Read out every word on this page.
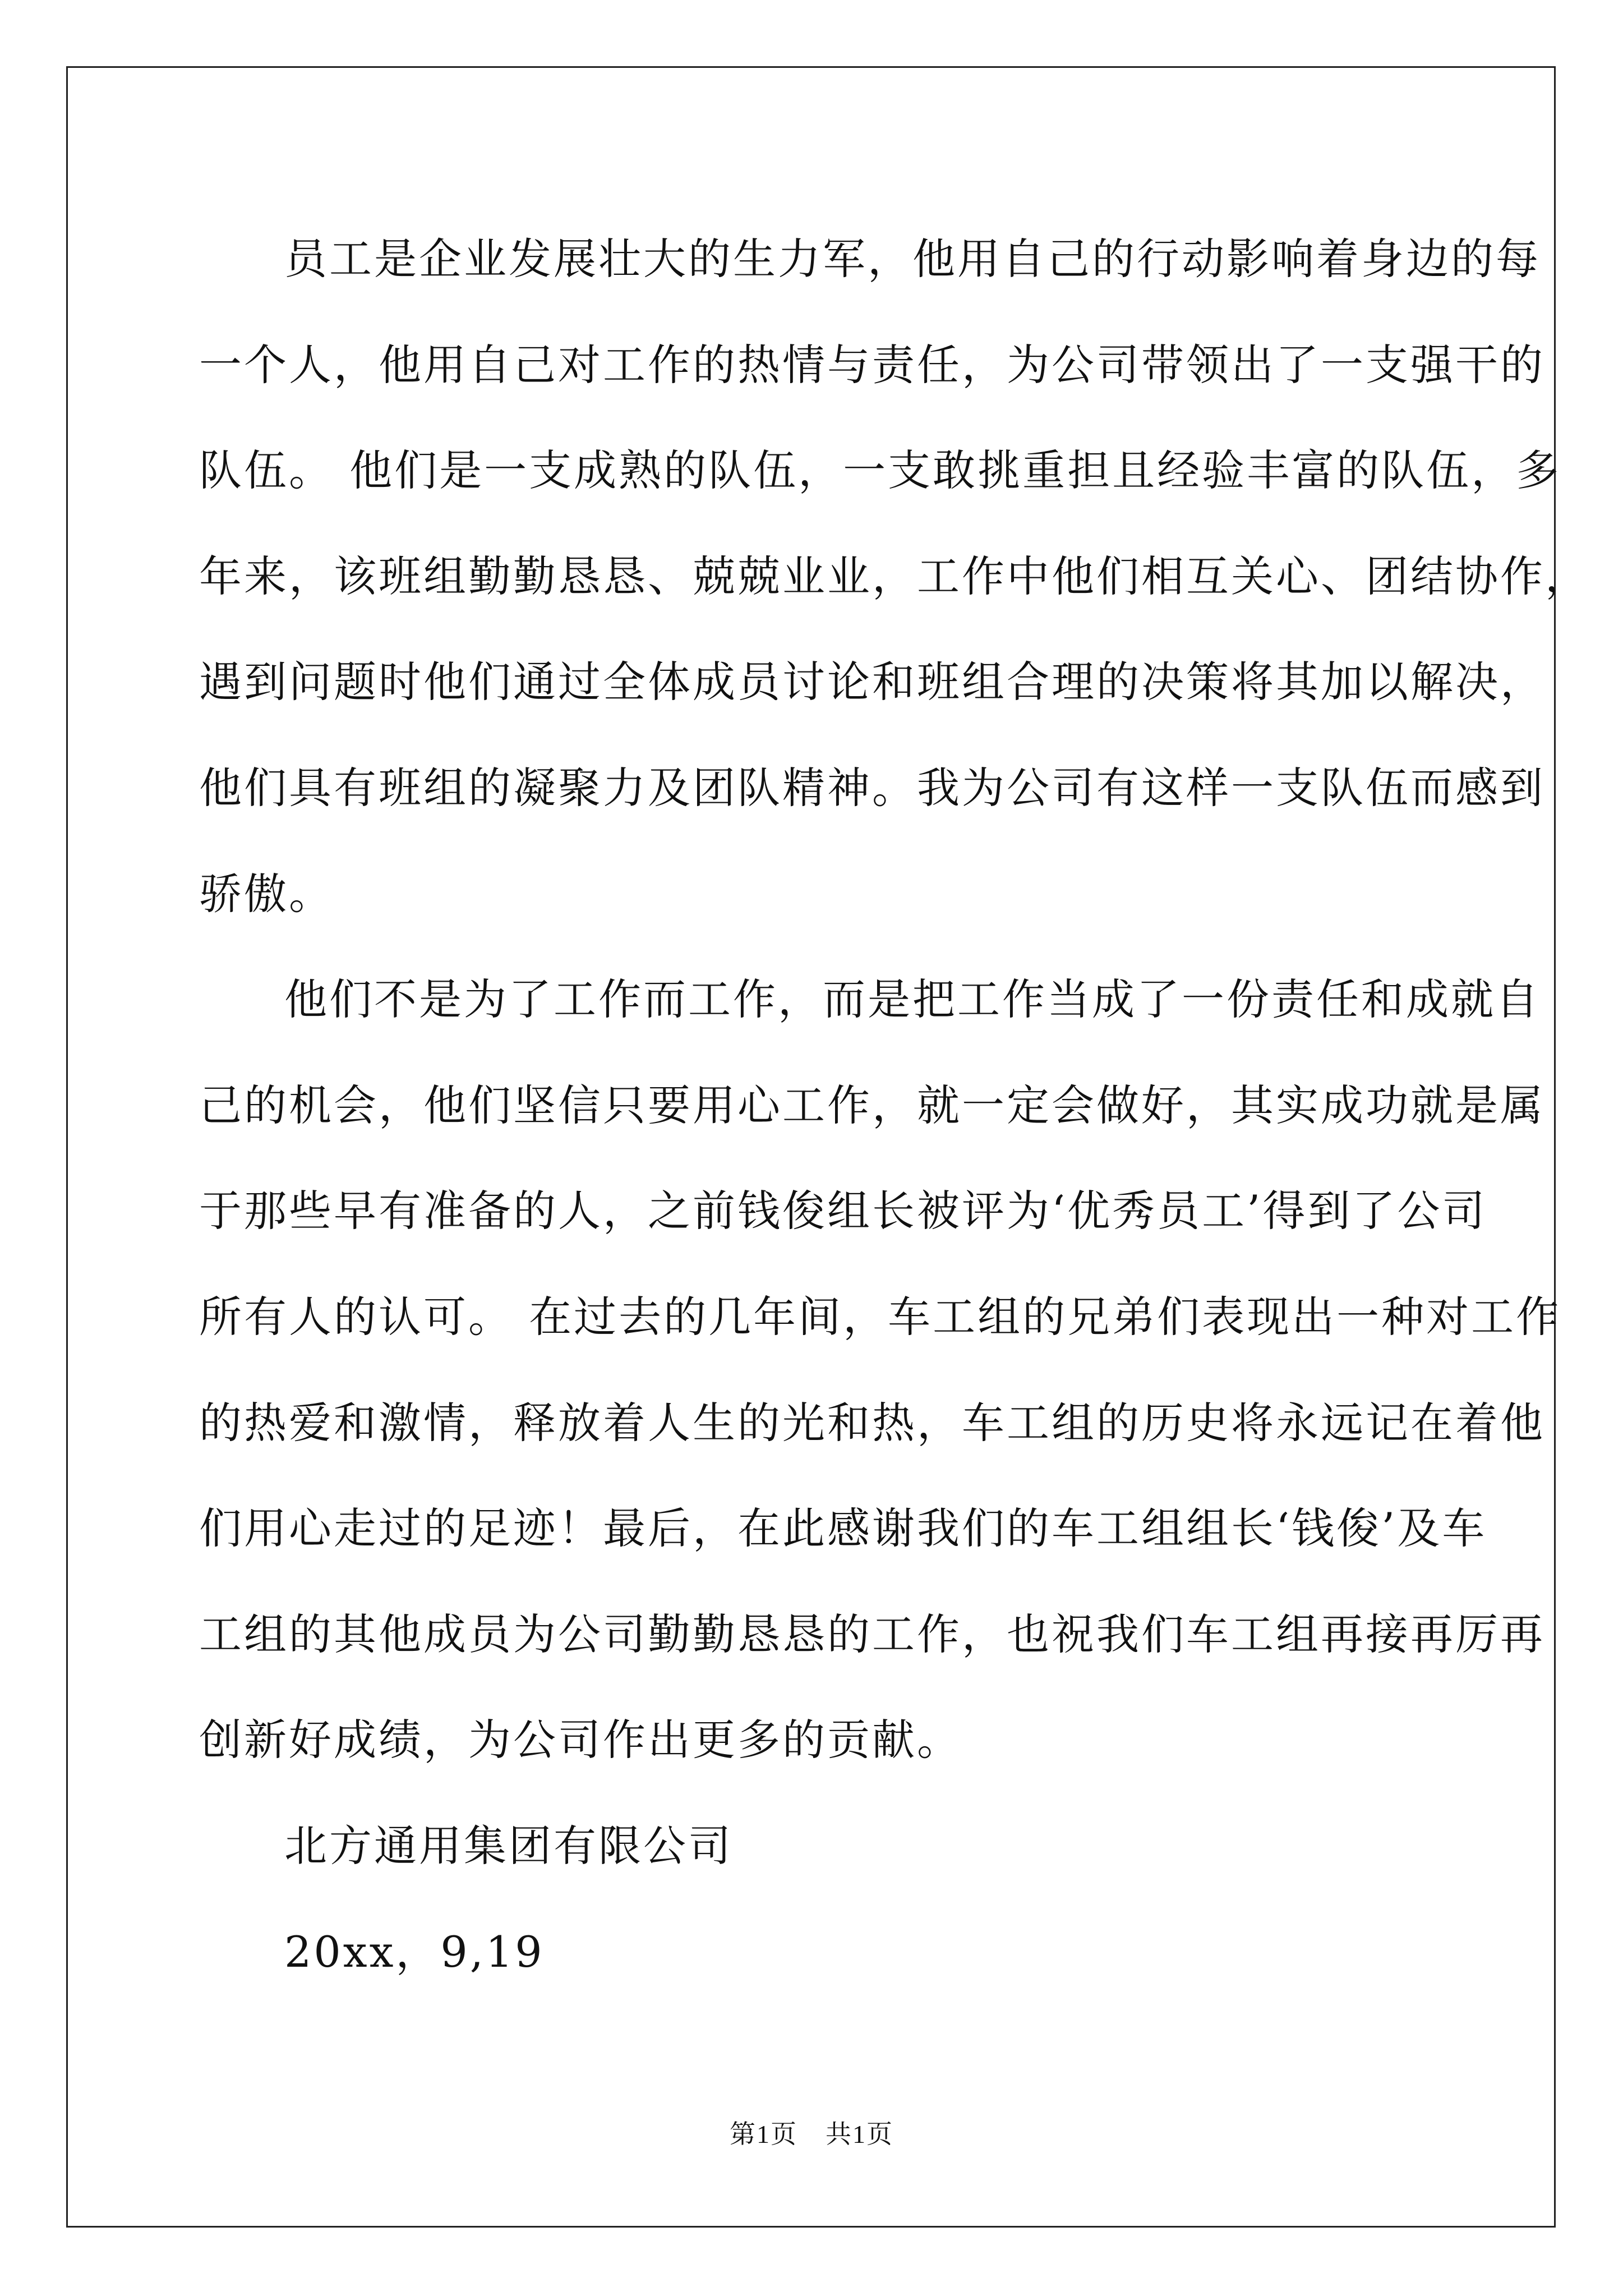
员工是企业发展壮大的生力军，他用自己的行动影响着身边的每
一个人，他用自己对工作的热情与责任，为公司带领出了一支强干的
队伍。 他们是一支成熟的队伍，一支敢挑重担且经验丰富的队伍，多
年来，该班组勤勤恳恳、兢兢业业，工作中他们相互关心、团结协作，
遇到问题时他们通过全体成员讨论和班组合理的决策将其加以解决，
他们具有班组的凝聚力及团队精神。我为公司有这样一支队伍而感到
骄傲。
他们不是为了工作而工作，而是把工作当成了一份责任和成就自
己的机会，他们坚信只要用心工作，就一定会做好，其实成功就是属
于那些早有准备的人，之前钱俊组长被评为‘优秀员工’得到了公司
所有人的认可。 在过去的几年间，车工组的兄弟们表现出一种对工作
的热爱和激情，释放着人生的光和热，车工组的历史将永远记在着他
们用心走过的足迹！最后，在此感谢我们的车工组组长‘钱俊’及车
工组的其他成员为公司勤勤恳恳的工作，也祝我们车工组再接再厉再
创新好成绩，为公司作出更多的贡献。
北方通用集团有限公司
20xx，9,19
第1页 共1页
